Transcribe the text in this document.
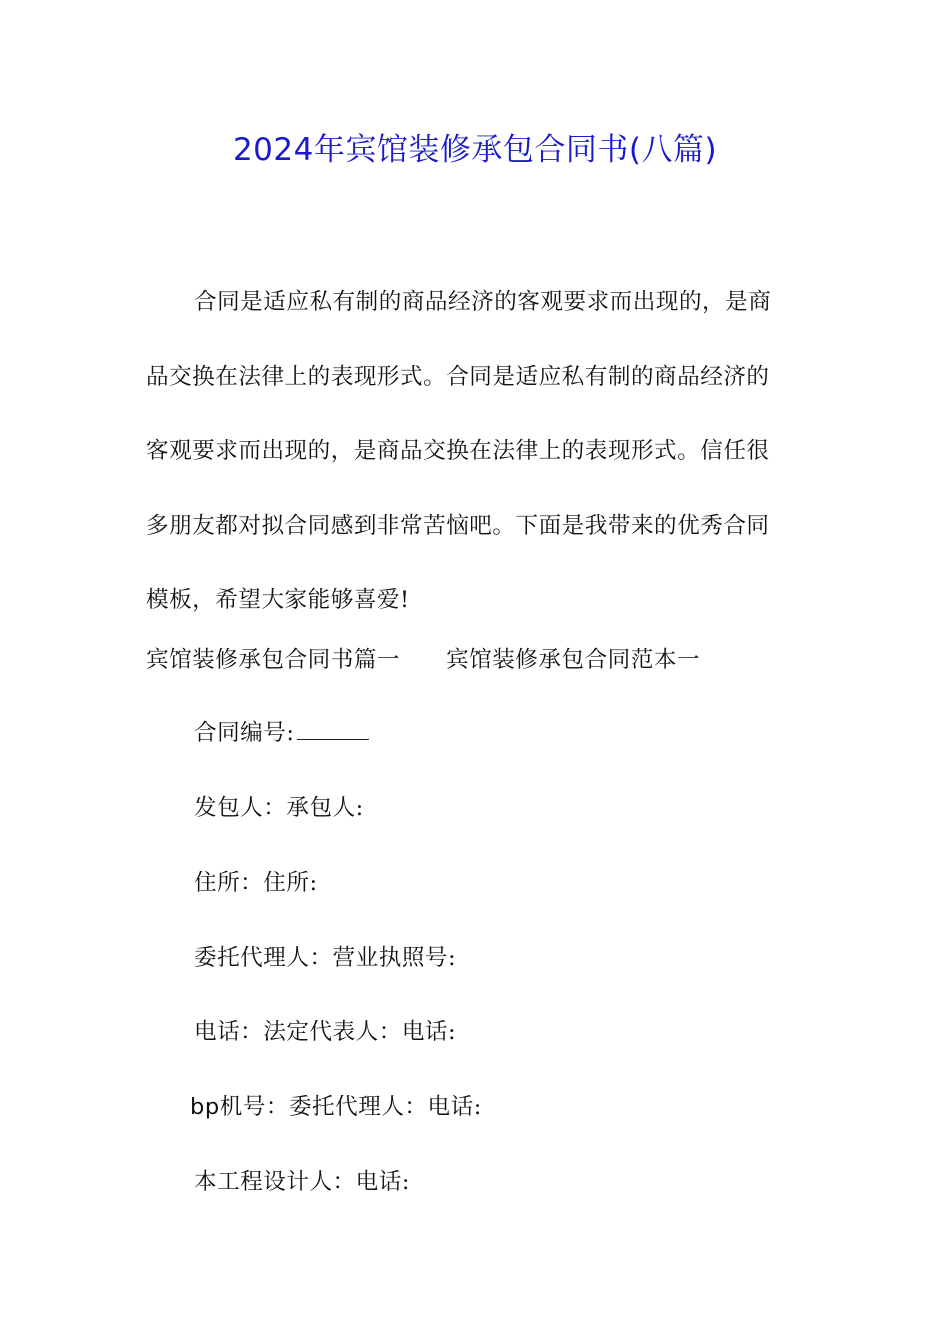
2024年宾馆装修承包合同书(八篇)
合同是适应私有制的商品经济的客观要求而出现的，是商
品交换在法律上的表现形式。合同是适应私有制的商品经济的
客观要求而出现的，是商品交换在法律上的表现形式。信任很
多朋友都对拟合同感到非常苦恼吧。下面是我带来的优秀合同
模板，希望大家能够喜爱!
宾馆装修承包合同书篇一 宾馆装修承包合同范本一
合同编号:
发包人：承包人:
住所：住所:
委托代理人：营业执照号:
电话：法定代表人：电话:
bp机号：委托代理人：电话:
本工程设计人：电话:
